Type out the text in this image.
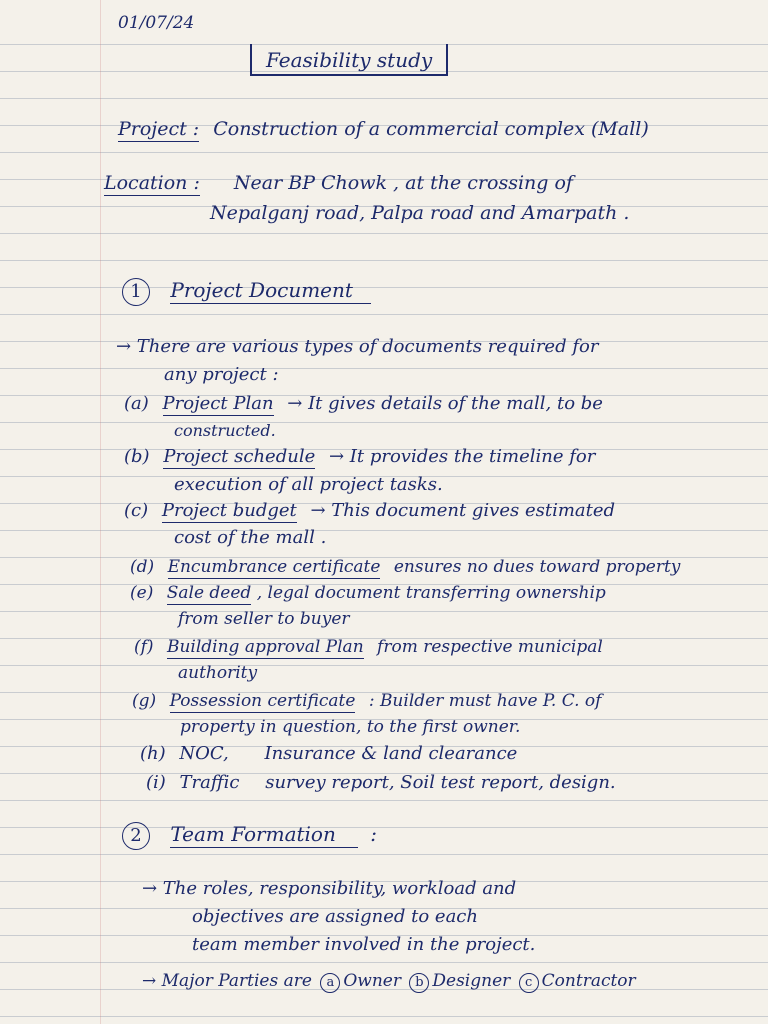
01/07/24
Feasibility study
Project : Construction of a commercial complex (Mall)
Location : Near BP Chowk , at the crossing of
Nepalganj road, Palpa road and Amarpath .
1 Project Document
→ There are various types of documents required for
any project :
(a) Project Plan → It gives details of the mall, to be
constructed.
(b) Project schedule → It provides the timeline for
execution of all project tasks.
(c) Project budget → This document gives estimated
cost of the mall .
(d) Encumbrance certificate ensures no dues toward property
(e) Sale deed , legal document transferring ownership
from seller to buyer
(f) Building approval Plan from respective municipal
authority
(g) Possession certificate : Builder must have P. C. of
property in question, to the first owner.
(h) NOC, Insurance & land clearance
(i) Traffic survey report, Soil test report, design.
2 Team Formation :
→ The roles, responsibility, workload and
objectives are assigned to each
team member involved in the project.
→ Major Parties are a Owner b Designer c Contractor
